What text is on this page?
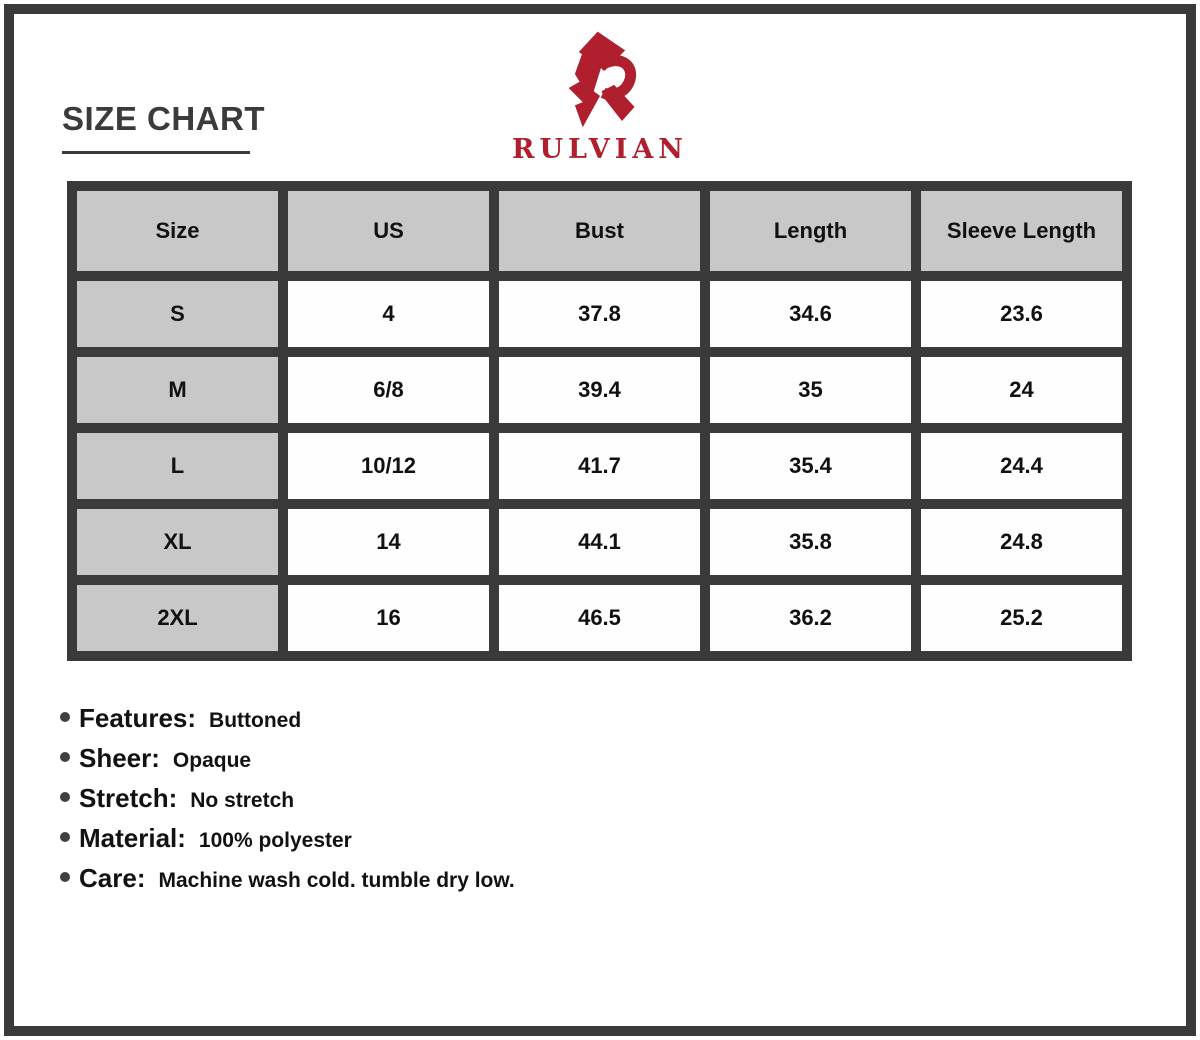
SIZE CHART
RULVIAN
Size	US	Bust	Length	Sleeve Length
S	4	37.8	34.6	23.6
M	6/8	39.4	35	24
L	10/12	41.7	35.4	24.4
XL	14	44.1	35.8	24.8
2XL	16	46.5	36.2	25.2
Features: Buttoned
Sheer: Opaque
Stretch: No stretch
Material: 100% polyester
Care: Machine wash cold. tumble dry low.
